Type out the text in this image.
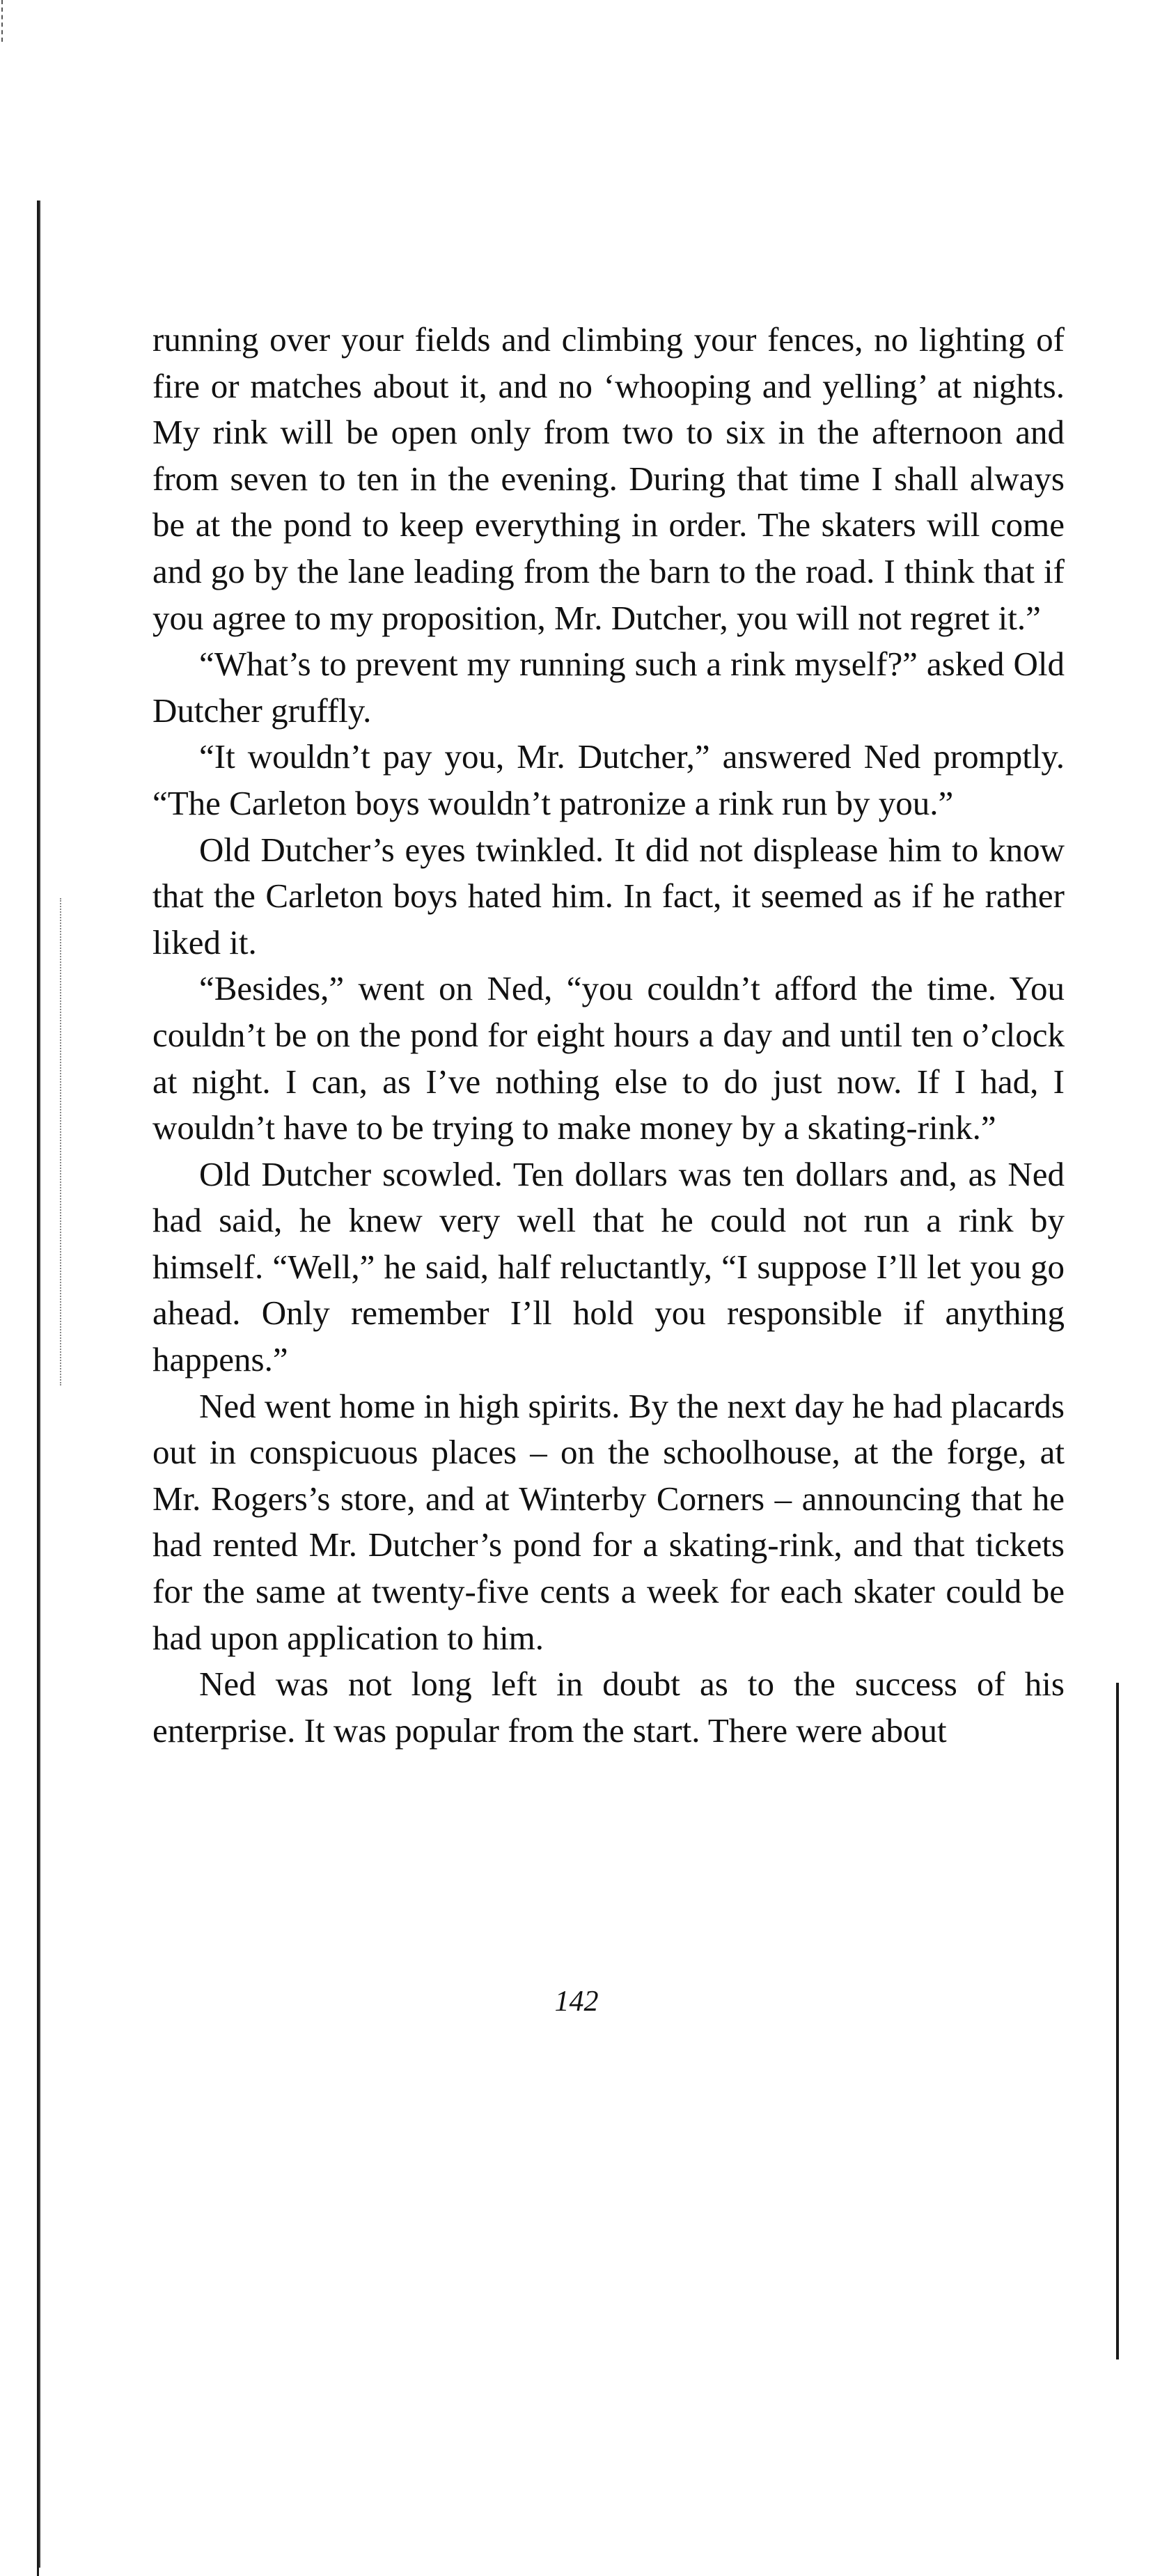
running over your fields and climbing your fences, no lighting of fire or matches about it, and no ‘whooping and yelling’ at nights. My rink will be open only from two to six in the afternoon and from seven to ten in the evening. During that time I shall always be at the pond to keep everything in order. The skaters will come and go by the lane leading from the barn to the road. I think that if you agree to my proposition, Mr. Dutcher, you will not regret it.”

“What’s to prevent my running such a rink myself?” asked Old Dutcher gruffly.

“It wouldn’t pay you, Mr. Dutcher,” answered Ned promptly. “The Carleton boys wouldn’t patronize a rink run by you.”

Old Dutcher’s eyes twinkled. It did not displease him to know that the Carleton boys hated him. In fact, it seemed as if he rather liked it.

“Besides,” went on Ned, “you couldn’t afford the time. You couldn’t be on the pond for eight hours a day and until ten o’clock at night. I can, as I’ve nothing else to do just now. If I had, I wouldn’t have to be trying to make money by a skating-rink.”

Old Dutcher scowled. Ten dollars was ten dollars and, as Ned had said, he knew very well that he could not run a rink by himself. “Well,” he said, half reluctantly, “I suppose I’ll let you go ahead. Only remember I’ll hold you responsible if anything happens.”

Ned went home in high spirits. By the next day he had placards out in conspicuous places – on the schoolhouse, at the forge, at Mr. Rogers’s store, and at Winterby Corners – announcing that he had rented Mr. Dutcher’s pond for a skating-rink, and that tickets for the same at twenty-five cents a week for each skater could be had upon application to him.

Ned was not long left in doubt as to the success of his enterprise. It was popular from the start. There were about

142
